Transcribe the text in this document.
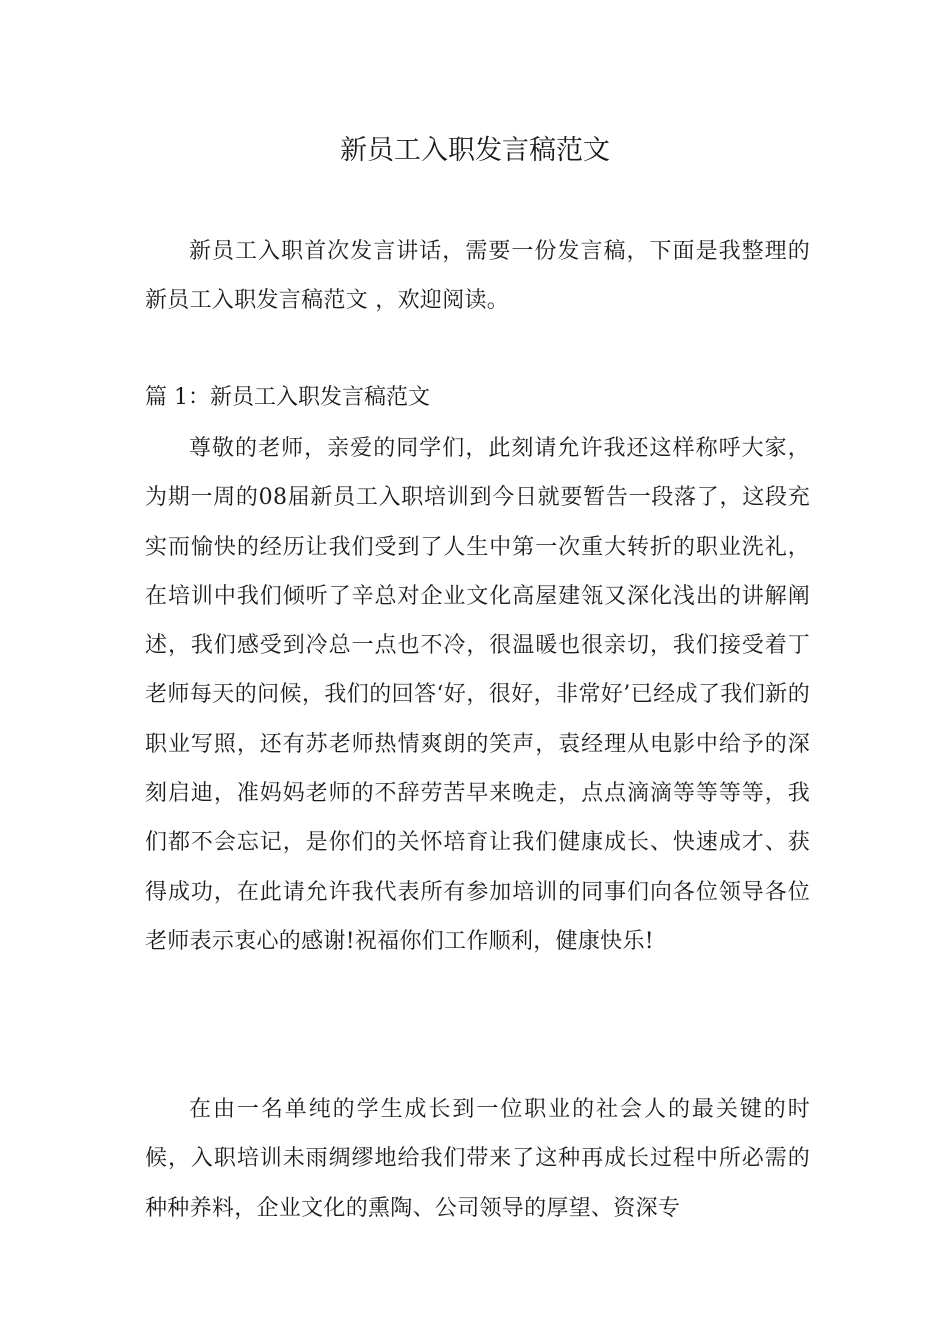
新员工入职发言稿范文

新员工入职首次发言讲话，需要一份发言稿，下面是我整理的新员工入职发言稿范文 ，欢迎阅读。

篇 1：新员工入职发言稿范文

尊敬的老师，亲爱的同学们，此刻请允许我还这样称呼大家，为期一周的08届新员工入职培训到今日就要暂告一段落了，这段充实而愉快的经历让我们受到了人生中第一次重大转折的职业洗礼，在培训中我们倾听了辛总对企业文化高屋建瓴又深化浅出的讲解阐述，我们感受到冷总一点也不冷，很温暖也很亲切，我们接受着丁老师每天的问候，我们的回答‘好，很好，非常好’已经成了我们新的职业写照，还有苏老师热情爽朗的笑声，袁经理从电影中给予的深刻启迪，准妈妈老师的不辞劳苦早来晚走，点点滴滴等等等等，我们都不会忘记，是你们的关怀培育让我们健康成长、快速成才、获得成功，在此请允许我代表所有参加培训的同事们向各位领导各位老师表示衷心的感谢!祝福你们工作顺利，健康快乐!

在由一名单纯的学生成长到一位职业的社会人的最关键的时候，入职培训未雨绸缪地给我们带来了这种再成长过程中所必需的种种养料，企业文化的熏陶、公司领导的厚望、资深专
